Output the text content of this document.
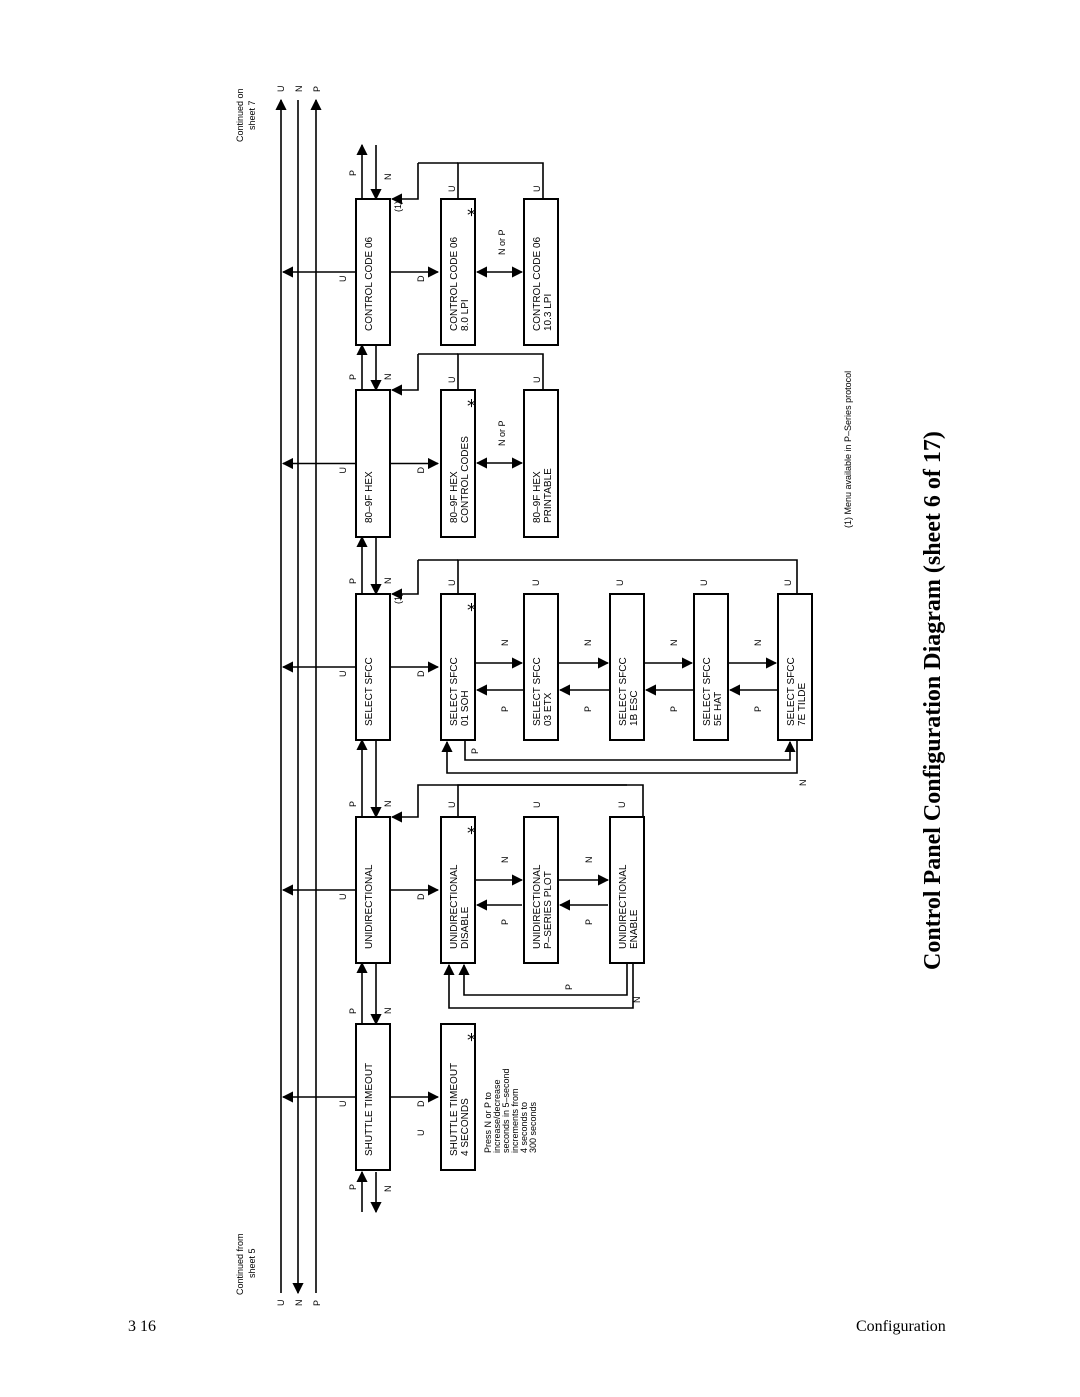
U
U
N
N
P
P
Continued on sheet 7
Continued from sheet 5
SHUTTLE TIMEOUT
U	D
UNIDIRECTIONAL
U	D
SELECT SFCC
U	D
80–9F HEX
U	D
CONTROL CODE 06
U	D
P	N
P	N
P	N
P	N
P	N
P
N
SHUTTLE TIMEOUT 4 SECONDS
*
U	Press N or P to increase/decrease seconds in 5–second increments from 4 seconds to 300 seconds
UNIDIRECTIONAL DISABLE
*
U
UNIDIRECTIONAL P–SERIES PLOT
U
UNIDIRECTIONAL ENABLE
U
N
P
N
P
P
N
SELECT SFCC 01 SOH
*
U
N
P SELECT SFCC 03 ETX
U
N
P	SELECT SFCC 1B ESC
U
N
P SELECT SFCC 5E HAT
U
N
P SELECT SFCC 7E TILDE
U
(1)
N
P
80–9F HEX CONTROL CODES
*
80–9F HEX PRINTABLE
U	U
N or P
CONTROL CODE 06 8.0 LPI
*
CONTROL CODE 06 10.3 LPI
(1)
U	U
N or P
(1) Menu available in P–Series protocol	Control Panel Configuration Diagram (sheet 6 of 17)
3 16	Configuration
